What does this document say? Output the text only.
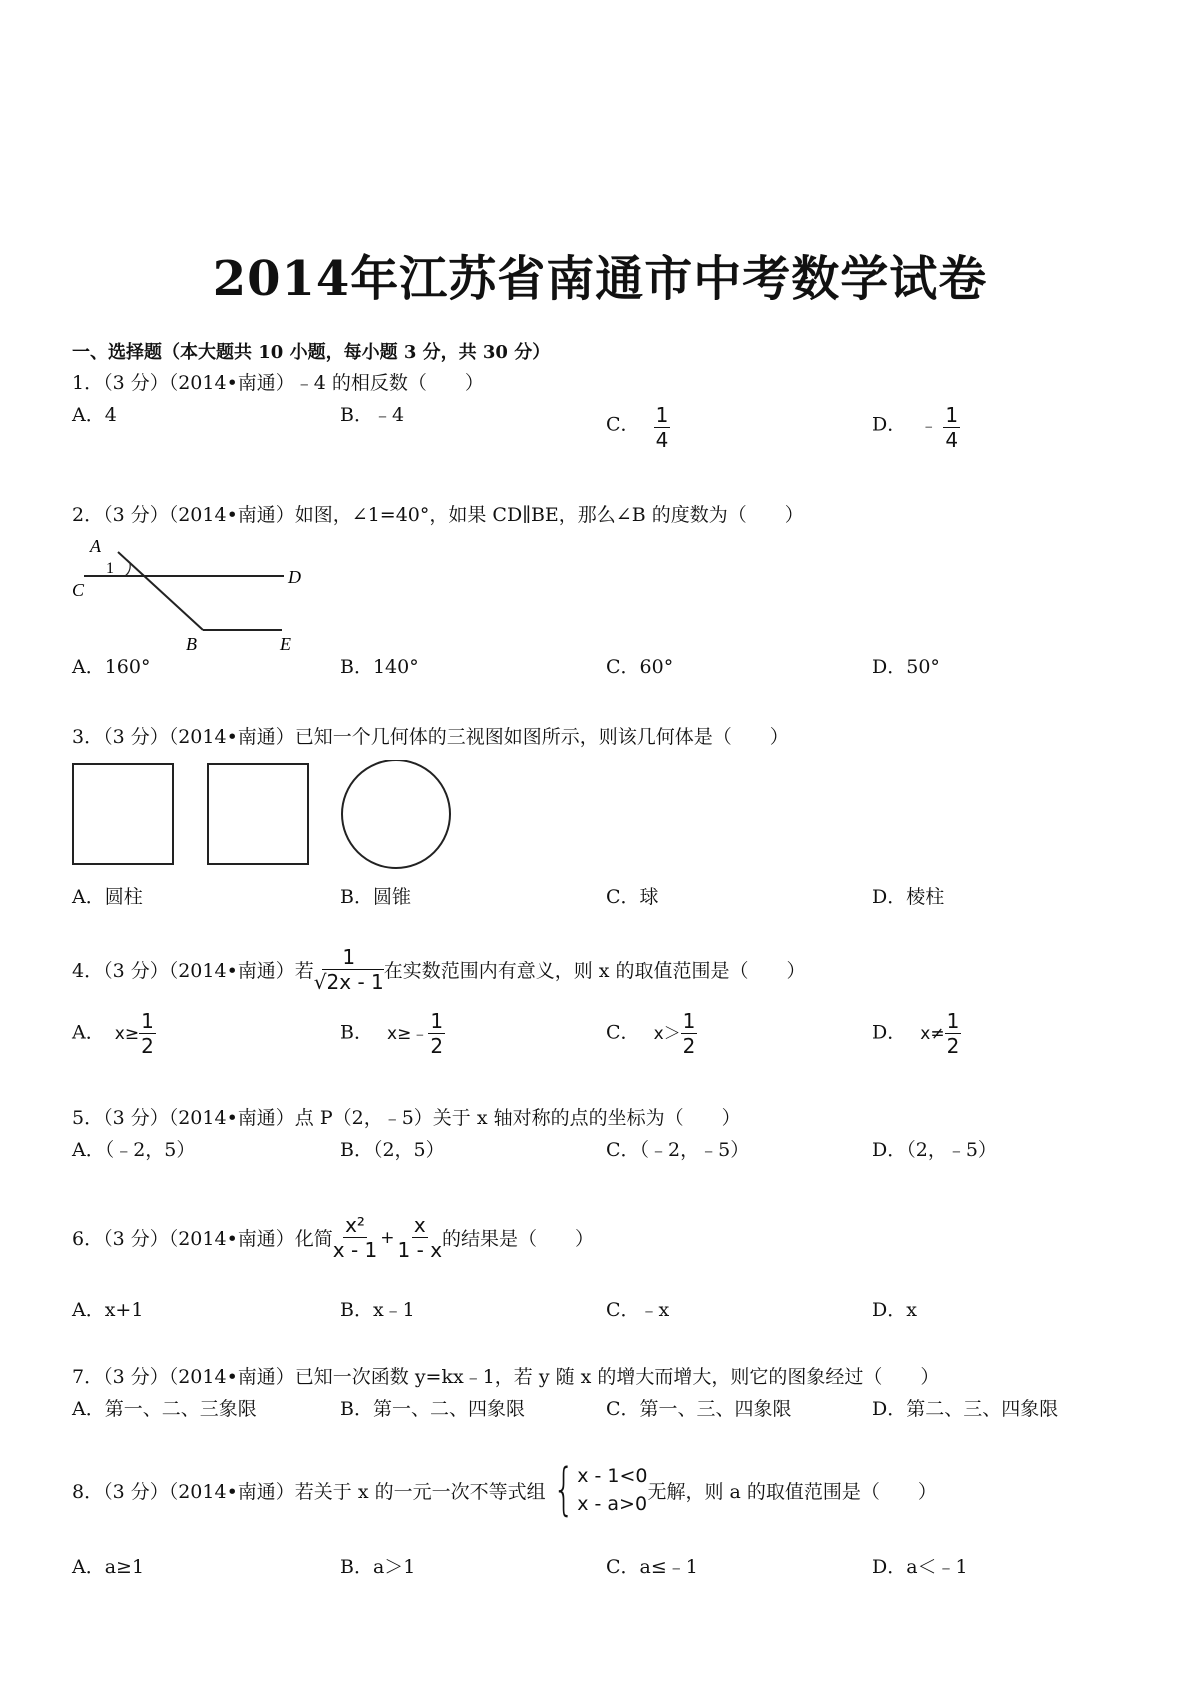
2014年江苏省南通市中考数学试卷
一、选择题（本大题共 10 小题，每小题 3 分，共 30 分）
1．（3 分）（2014•南通）﹣4 的相反数（　　）
A．4	B．﹣4	C． $\frac{1}{4}$	D． ﹣ $\frac{1}{4}$
2．（3 分）（2014•南通）如图，∠1=40°，如果 CD∥BE，那么∠B 的度数为（　　）
A
1
C
D
B	E
A．160°	B．140°	C．60°	D．50°
3．（3 分）（2014•南通）已知一个几何体的三视图如图所示，则该几何体是（　　）
A．圆柱	B．圆锥	C．球	D．棱柱
4．（3 分）（2014•南通）若 $\frac{1}{√2x - 1}$ 在实数范围内有意义，则 x 的取值范围是（　　）
A． $x\ge \frac{1}{2}$	B． x≥﹣ $\frac{1}{2}$	C． $x> \frac{1}{2}$	D． $x\ne \frac{1}{2}$
5．（3 分）（2014•南通）点 P（2，﹣5）关于 x 轴对称的点的坐标为（　　）
A．（﹣2，5）	B．（2，5）	C．（﹣2，﹣5）	D．（2，﹣5）
6．（3 分）（2014•南通）化简 $\frac{\text{x²}}{x - 1} + \frac{x}{1 - x}$ 的结果是（　　）
A．x+1	B．x﹣1	C．﹣x	D．x
7．（3 分）（2014•南通）已知一次函数 y=kx﹣1，若 y 随 x 的增大而增大，则它的图象经过（　　）
A．第一、二、三象限	B．第一、二、四象限	C．第一、三、四象限	D．第二、三、四象限
8．（3 分）（2014•南通）若关于 x 的一元一次不等式组 { x - 1<0
x - a>0
无解，则 a 的取值范围是（　　）
A．a≥1	B．a＞1	C．a≤﹣1	D．a＜﹣1
